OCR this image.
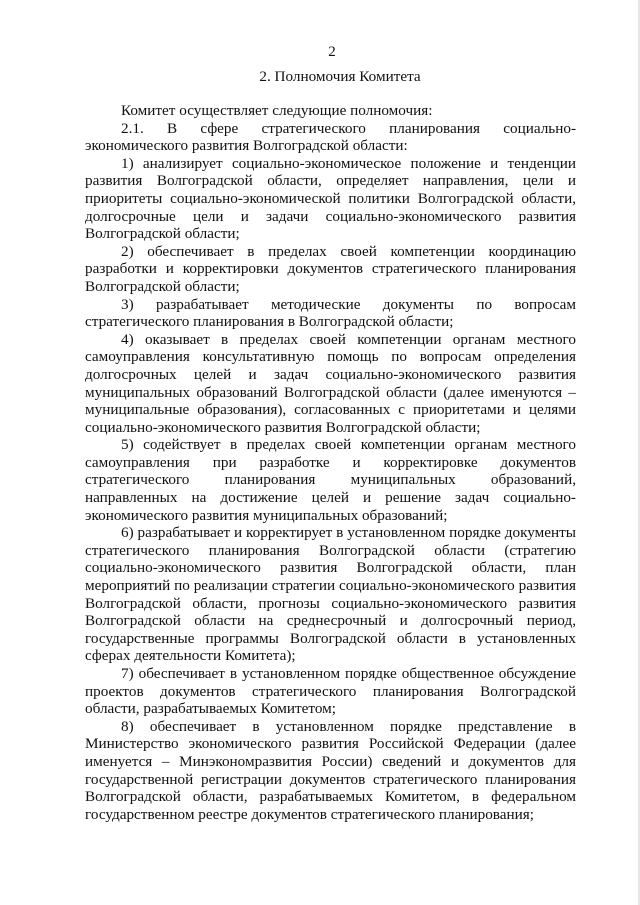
2
2. Полномочия Комитета

Комитет осуществляет следующие полномочия:

2.1. В сфере стратегического планирования социально-экономического развития Волгоградской области:

1) анализирует социально-экономическое положение и тенденции развития Волгоградской области, определяет направления, цели и приоритеты социально-экономической политики Волгоградской области, долгосрочные цели и задачи социально-экономического развития Волгоградской области;

2) обеспечивает в пределах своей компетенции координацию разработки и корректировки документов стратегического планирования Волгоградской области;

3) разрабатывает методические документы по вопросам стратегического планирования в Волгоградской области;

4) оказывает в пределах своей компетенции органам местного самоуправления консультативную помощь по вопросам определения долгосрочных целей и задач социально-экономического развития муниципальных образований Волгоградской области (далее именуются – муниципальные образования), согласованных с приоритетами и целями социально-экономического развития Волгоградской области;

5) содействует в пределах своей компетенции органам местного самоуправления при разработке и корректировке документов стратегического планирования муниципальных образований, направленных на достижение целей и решение задач социально-экономического развития муниципальных образований;

6) разрабатывает и корректирует в установленном порядке документы стратегического планирования Волгоградской области (стратегию социально-экономического развития Волгоградской области, план мероприятий по реализации стратегии социально-экономического развития Волгоградской области, прогнозы социально-экономического развития Волгоградской области на среднесрочный и долгосрочный период, государственные программы Волгоградской области в установленных сферах деятельности Комитета);

7) обеспечивает в установленном порядке общественное обсуждение проектов документов стратегического планирования Волгоградской области, разрабатываемых Комитетом;

8) обеспечивает в установленном порядке представление в Министерство экономического развития Российской Федерации (далее именуется – Минэкономразвития России) сведений и документов для государственной регистрации документов стратегического планирования Волгоградской области, разрабатываемых Комитетом, в федеральном государственном реестре документов стратегического планирования;
